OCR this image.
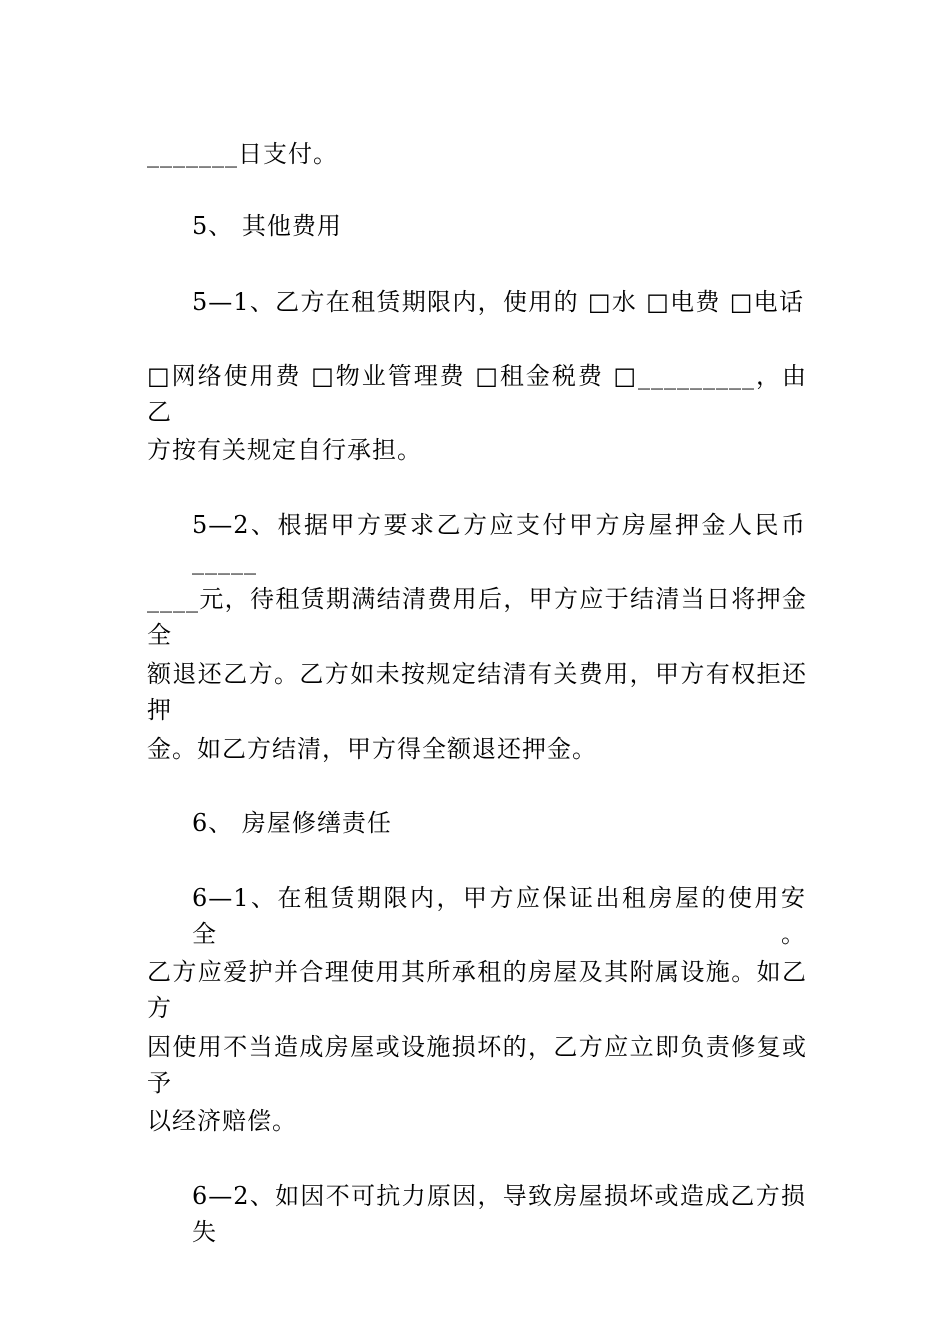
_______日支付。
5、 其他费用
5—1、乙方在租赁期限内，使用的 □水 □电费 □电话
□网络使用费 □物业管理费 □租金税费 □_________，由乙
方按有关规定自行承担。
5—2、根据甲方要求乙方应支付甲方房屋押金人民币_____
____元，待租赁期满结清费用后，甲方应于结清当日将押金全
额退还乙方。乙方如未按规定结清有关费用，甲方有权拒还押
金。如乙方结清，甲方得全额退还押金。
6、 房屋修缮责任
6—1、在租赁期限内，甲方应保证出租房屋的使用安全。
乙方应爱护并合理使用其所承租的房屋及其附属设施。如乙方
因使用不当造成房屋或设施损坏的，乙方应立即负责修复或予
以经济赔偿。
6—2、如因不可抗力原因，导致房屋损坏或造成乙方损失
